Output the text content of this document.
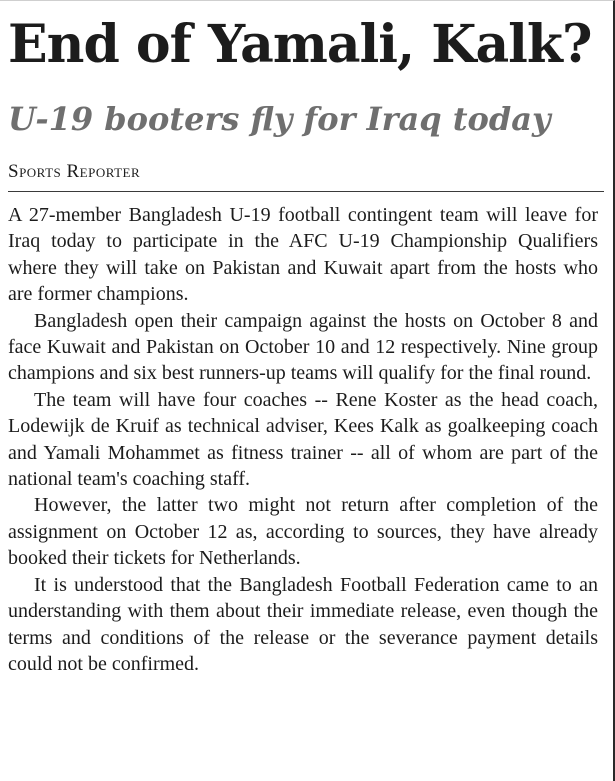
End of Yamali, Kalk?
U-19 booters fly for Iraq today
Sports Reporter

A 27-member Bangladesh U-19 football contingent team will leave for Iraq today to participate in the AFC U-19 Championship Qualifiers where they will take on Pakistan and Kuwait apart from the hosts who are former champions.

Bangladesh open their campaign against the hosts on October 8 and face Kuwait and Pakistan on October 10 and 12 respectively. Nine group champions and six best runners-up teams will qualify for the final round.

The team will have four coaches -- Rene Koster as the head coach, Lodewijk de Kruif as technical adviser, Kees Kalk as goalkeeping coach and Yamali Mohammet as fitness trainer -- all of whom are part of the national team's coaching staff.

However, the latter two might not return after completion of the assignment on October 12 as, according to sources, they have already booked their tickets for Netherlands.

It is understood that the Bangladesh Football Federation came to an understanding with them about their immediate release, even though the terms and conditions of the release or the severance payment details could not be confirmed.
